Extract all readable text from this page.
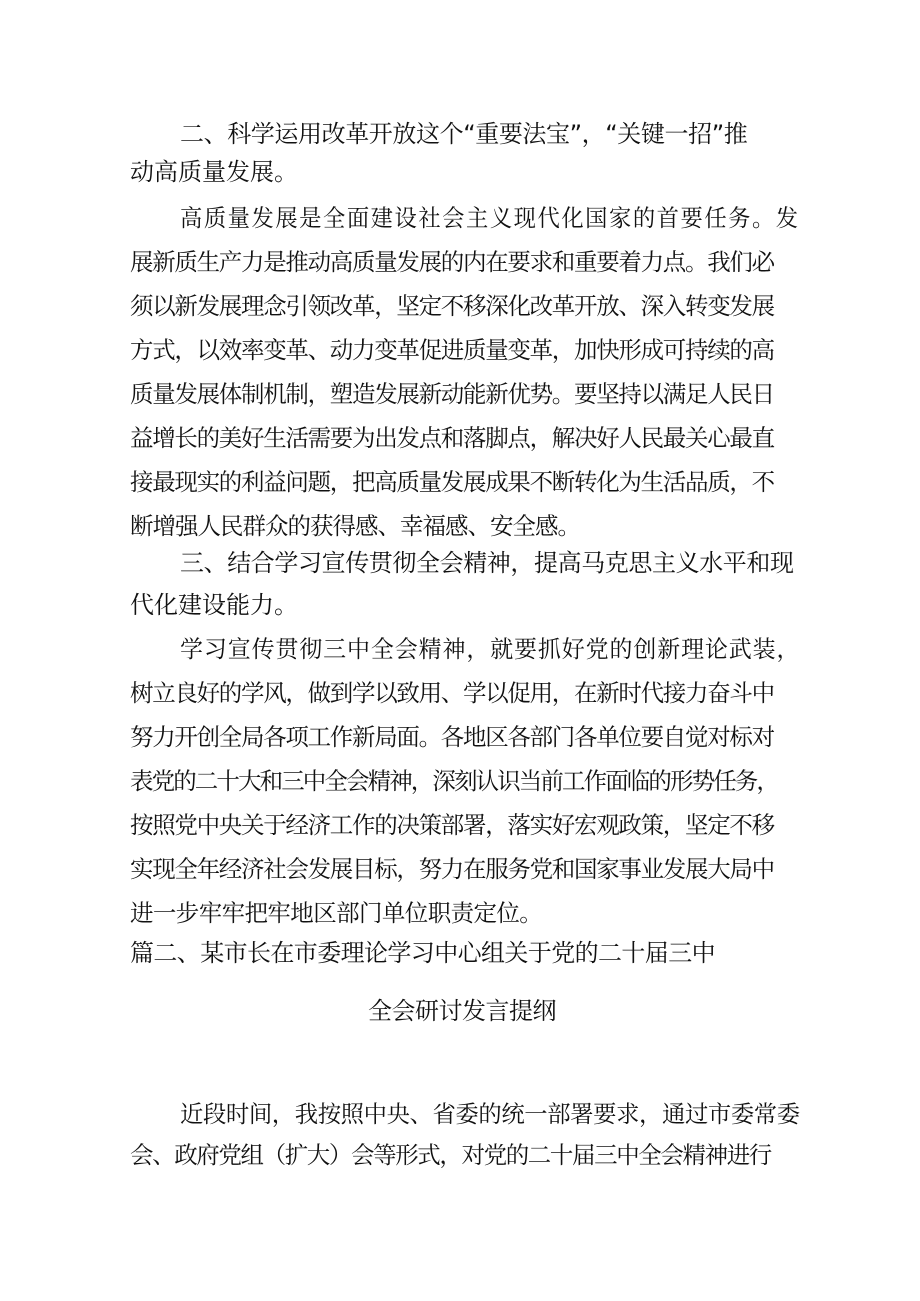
二、科学运用改革开放这个“重要法宝”，“关键一招”推
动高质量发展。
高质量发展是全面建设社会主义现代化国家的首要任务。发
展新质生产力是推动高质量发展的内在要求和重要着力点。我们必
须以新发展理念引领改革，坚定不移深化改革开放、深入转变发展
方式，以效率变革、动力变革促进质量变革，加快形成可持续的高
质量发展体制机制，塑造发展新动能新优势。要坚持以满足人民日
益增长的美好生活需要为出发点和落脚点，解决好人民最关心最直
接最现实的利益问题，把高质量发展成果不断转化为生活品质，不
断增强人民群众的获得感、幸福感、安全感。
三、结合学习宣传贯彻全会精神，提高马克思主义水平和现
代化建设能力。
学习宣传贯彻三中全会精神，就要抓好党的创新理论武装，
树立良好的学风，做到学以致用、学以促用，在新时代接力奋斗中
努力开创全局各项工作新局面。各地区各部门各单位要自觉对标对
表党的二十大和三中全会精神，深刻认识当前工作面临的形势任务，
按照党中央关于经济工作的决策部署，落实好宏观政策，坚定不移
实现全年经济社会发展目标，努力在服务党和国家事业发展大局中
进一步牢牢把牢地区部门单位职责定位。
篇二、某市长在市委理论学习中心组关于党的二十届三中
全会研讨发言提纲
近段时间，我按照中央、省委的统一部署要求，通过市委常委
会、政府党组（扩大）会等形式，对党的二十届三中全会精神进行
